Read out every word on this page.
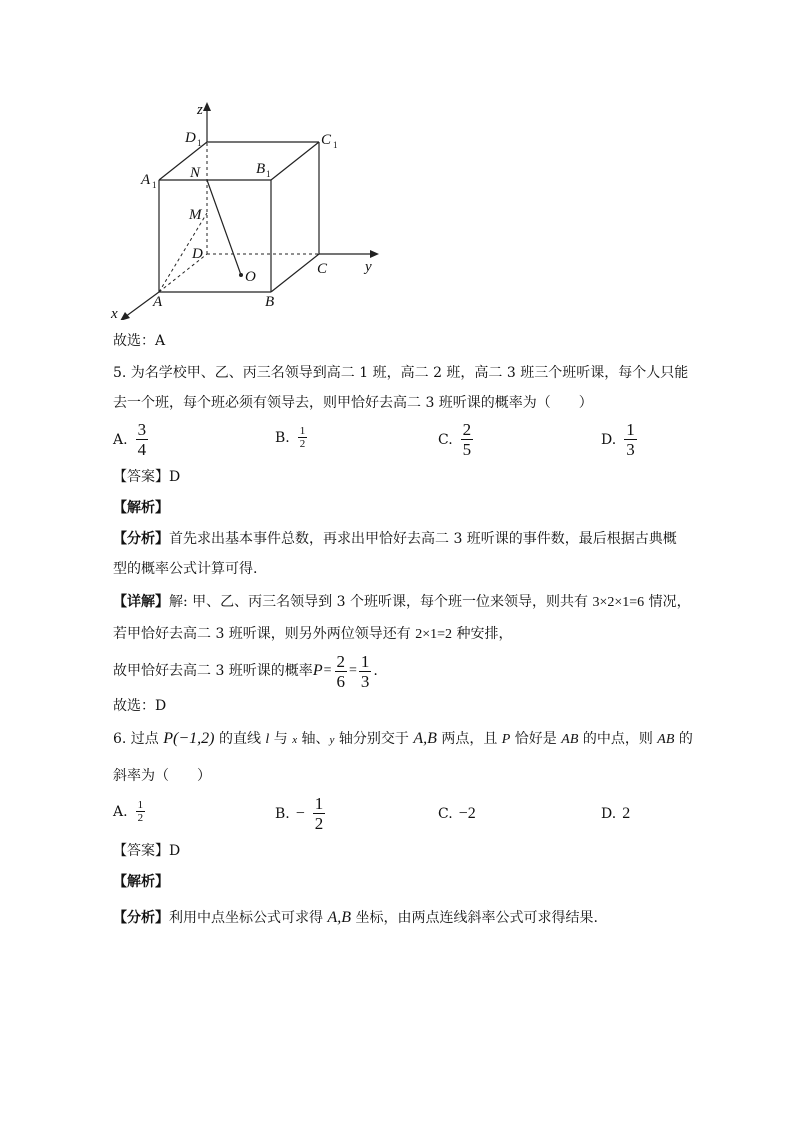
z
y
x
D 1	C 1
A 1
B 1
N
M
D
C
A	B
O
故选：A
5. 为名学校甲、乙、丙三名领导到高二 1 班，高二 2 班，高二 3 班三个班听课，每个人只能
去一个班，每个班必须有领导去，则甲恰好去高二 3 班听课的概率为（　　）
A. $\frac{3}{4}$	B. $\frac{1}{2}$	C. $\frac{2}{5}$	D. $\frac{1}{3}$
【答案】D
【解析】
【分析】首先求出基本事件总数，再求出甲恰好去高二 3 班听课的事件数，最后根据古典概
型的概率公式计算可得.
【详解】解: 甲、乙、丙三名领导到 3 个班听课，每个班一位来领导，则共有 3×2×1=6 情况，
若甲恰好去高二 3 班听课，则另外两位领导还有 2×1=2 种安排，
故甲恰好去高二 3 班听课的概率 $P = \frac{2}{6} = \frac{1}{3}$ .
故选：D
6. 过点 P(−1,2) 的直线 l 与 x 轴、y 轴分别交于 A,B 两点，且 P 恰好是 AB 的中点，则 AB 的
斜率为（　　）
A. $\frac{1}{2}$	B. − $\frac{1}{2}$	C. −2	D. 2
【答案】D
【解析】
【分析】利用中点坐标公式可求得 A,B 坐标，由两点连线斜率公式可求得结果.
